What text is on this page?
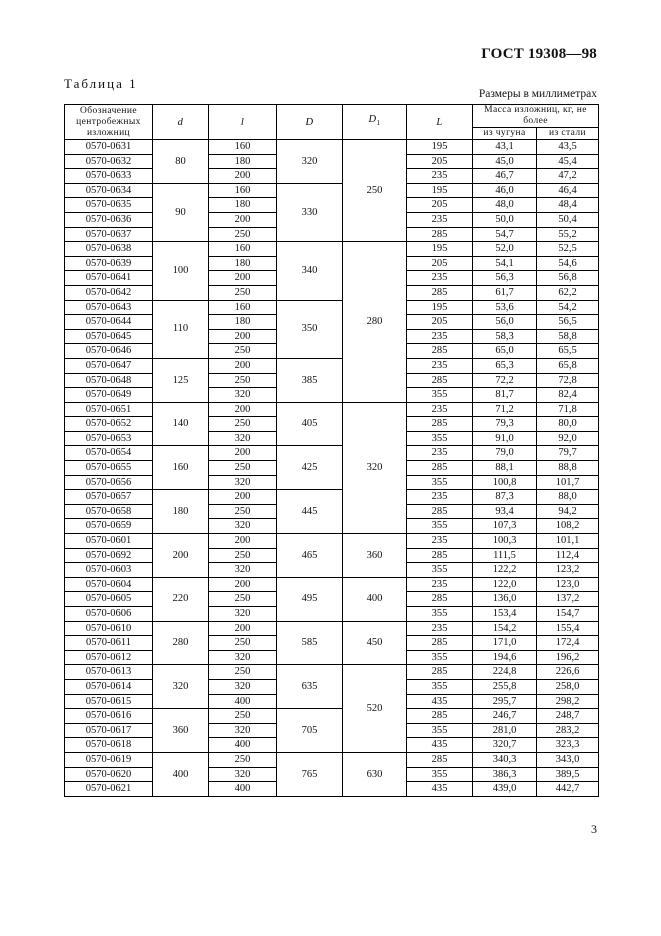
ГОСТ 19308—98
Таблица 1
Размеры в миллиметрах
Обозначение центробежных изложниц	d	l	D	$D_1$	L	Масса изложниц, кг, не более	
						из чугуна	из стали
0570-0631	80	160	320	250	195	43,1	43,5
0570-0632		180			205	45,0	45,4
0570-0633		200			235	46,7	47,2
0570-0634	90	160	330		195	46,0	46,4
0570-0635		180			205	48,0	48,4
0570-0636		200			235	50,0	50,4
0570-0637		250			285	54,7	55,2
0570-0638	100	160	340	280	195	52,0	52,5
0570-0639		180			205	54,1	54,6
0570-0641		200			235	56,3	56,8
0570-0642		250			285	61,7	62,2
0570-0643	110	160	350		195	53,6	54,2
0570-0644		180			205	56,0	56,5
0570-0645		200			235	58,3	58,8
0570-0646		250			285	65,0	65,5
0570-0647	125	200	385		235	65,3	65,8
0570-0648		250			285	72,2	72,8
0570-0649		320			355	81,7	82,4
0570-0651	140	200	405	320	235	71,2	71,8
0570-0652		250			285	79,3	80,0
0570-0653		320			355	91,0	92,0
0570-0654	160	200	425		235	79,0	79,7
0570-0655		250			285	88,1	88,8
0570-0656		320			355	100,8	101,7
0570-0657	180	200	445		235	87,3	88,0
0570-0658		250			285	93,4	94,2
0570-0659		320			355	107,3	108,2
0570-0601	200	200	465	360	235	100,3	101,1
0570-0692		250			285	111,5	112,4
0570-0603		320			355	122,2	123,2
0570-0604	220	200	495	400	235	122,0	123,0
0570-0605		250			285	136,0	137,2
0570-0606		320			355	153,4	154,7
0570-0610	280	200	585	450	235	154,2	155,4
0570-0611		250			285	171,0	172,4
0570-0612		320			355	194,6	196,2
0570-0613	320	250	635	520	285	224,8	226,6
0570-0614		320			355	255,8	258,0
0570-0615		400			435	295,7	298,2
0570-0616	360	250	705		285	246,7	248,7
0570-0617		320			355	281,0	283,2
0570-0618		400			435	320,7	323,3
0570-0619	400	250	765	630	285	340,3	343,0
0570-0620		320			355	386,3	389,5
0570-0621		400			435	439,0	442,7
3
